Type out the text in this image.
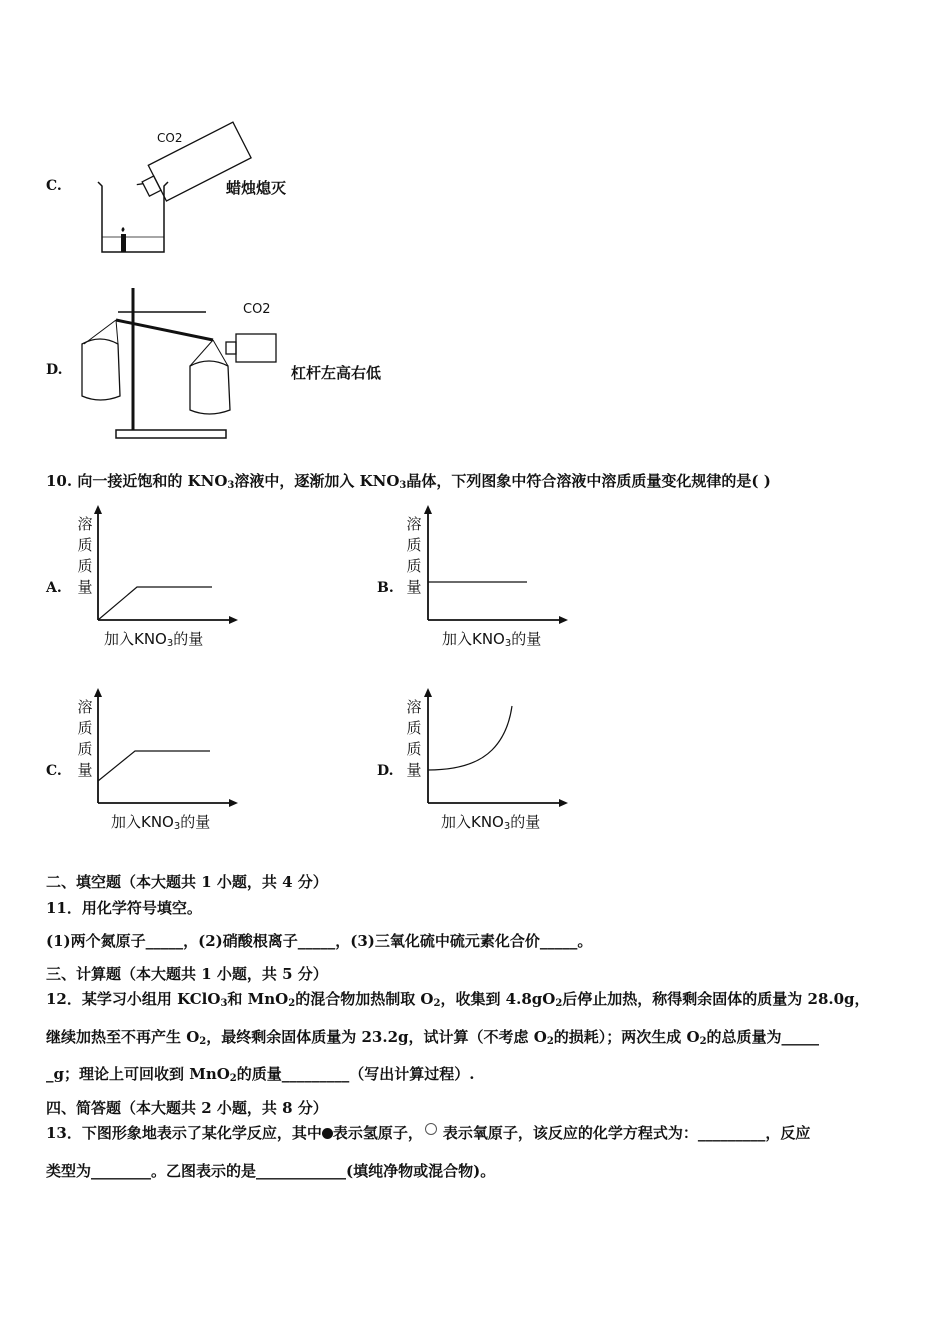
C.
CO2
蜡烛熄灭
D.
CO2
杠杆左高右低
10. 向一接近饱和的 $KNO_3$溶液中，逐渐加入 $KNO_3$晶体，下列图象中符合溶液中溶质质量变化规律的是( )
A.
溶质质量
加入$KNO_3$的量
B.
溶质质量
加入$KNO_3$的量
C.
溶质质量
加入$KNO_3$的量
D.
溶质质量
加入$KNO_3$的量
二、填空题（本大题共 1 小题，共 4 分）
11．用化学符号填空。
(1)两个氮原子_____，(2)硝酸根离子_____，(3)三氧化硫中硫元素化合价_____。
三、计算题（本大题共 1 小题，共 5 分）
12．某学习小组用 KClO$_3$和 MnO$_2$的混合物加热制取 $O_2$，收集到 $4.8gO_2$后停止加热，称得剩余固体的质量为 28.0g，
继续加热至不再产生 $O_2$，最终剩余固体质量为 23.2g，试计算（不考虑 $O_2$的损耗）；两次生成 $O_2$的总质量为_____
_g；理论上可回收到 MnO$_2$的质量_________（写出计算过程）.
四、简答题（本大题共 2 小题，共 8 分）
13．下图形象地表示了某化学反应，其中 表示氢原子， 表示氧原子，该反应的化学方程式为：_________，反应
类型为________。乙图表示的是____________(填纯净物或混合物)。
